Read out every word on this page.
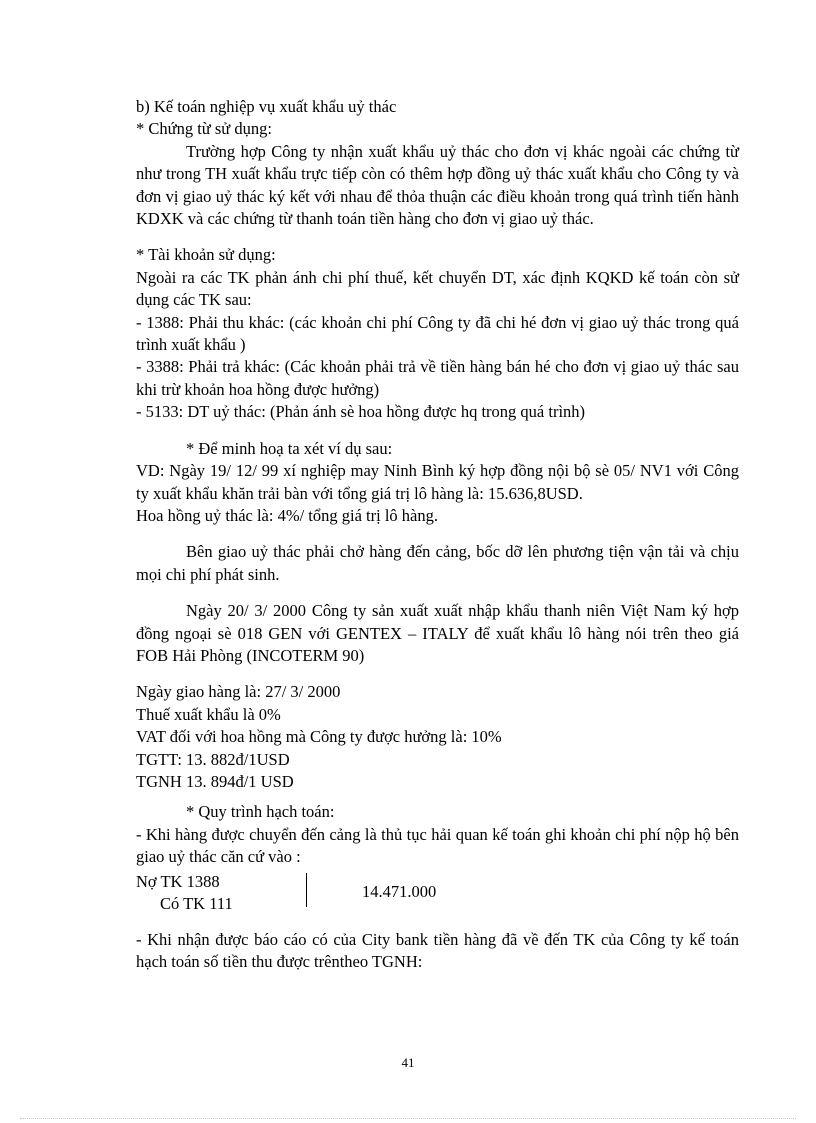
b) Kế toán nghiệp vụ xuất khẩu uỷ thác

* Chứng từ sử dụng:

Trường hợp Công ty nhận xuất khẩu uỷ thác cho đơn vị khác ngoài các chứng từ như trong TH xuất khẩu trực tiếp còn có thêm hợp đồng uỷ thác xuất khẩu cho Công ty và đơn vị giao uỷ thác ký kết với nhau để thỏa thuận các điều khoản trong quá trình tiến hành KDXK và các chứng từ thanh toán tiền hàng cho đơn vị giao uỷ thác.

* Tài khoản sử dụng:

Ngoài ra các TK phản ánh chi phí thuế, kết chuyển DT, xác định KQKD kế toán còn sử dụng các TK sau:

- 1388: Phải thu khác: (các khoản chi phí Công ty đã chi hé đơn vị giao uỷ thác trong quá trình xuất khẩu )

- 3388: Phải trả khác: (Các khoản phải trả về tiền hàng bán hé cho đơn vị giao uỷ thác sau khi trừ khoản hoa hồng được hưởng)

- 5133: DT uỷ thác: (Phản ánh sè hoa hồng được hq trong quá trình)

* Để minh hoạ ta xét ví dụ sau:

VD: Ngày 19/ 12/ 99 xí nghiệp may Ninh Bình ký hợp đồng nội bộ sè 05/ NV1 với Công ty xuất khẩu khăn trải bàn với tổng giá trị lô hàng là: 15.636,8USD.

Hoa hồng uỷ thác là: 4%/ tổng giá trị lô hàng.

Bên giao uỷ thác phải chở hàng đến cảng, bốc dỡ lên phương tiện vận tải và chịu mọi chi phí phát sinh.

Ngày 20/ 3/ 2000 Công ty sản xuất xuất nhập khẩu thanh niên Việt Nam ký hợp đồng ngoại sè 018 GEN với GENTEX – ITALY để xuất khẩu lô hàng nói trên theo giá FOB Hải Phòng (INCOTERM 90)

Ngày giao hàng là: 27/ 3/ 2000

Thuế xuất khẩu là 0%

VAT đối với hoa hồng mà Công ty được hưởng là: 10%

TGTT: 13. 882đ/1USD

TGNH 13. 894đ/1 USD

* Quy trình hạch toán:

- Khi hàng được chuyển đến cảng là thủ tục hải quan kế toán ghi khoản chi phí nộp hộ bên giao uỷ thác căn cứ vào :

Nợ TK 1388
Có TK 111
14.471.000

- Khi nhận được báo cáo có của City bank tiền hàng đã về đến TK của Công ty kế toán hạch toán số tiền thu được trêntheo TGNH:

41
